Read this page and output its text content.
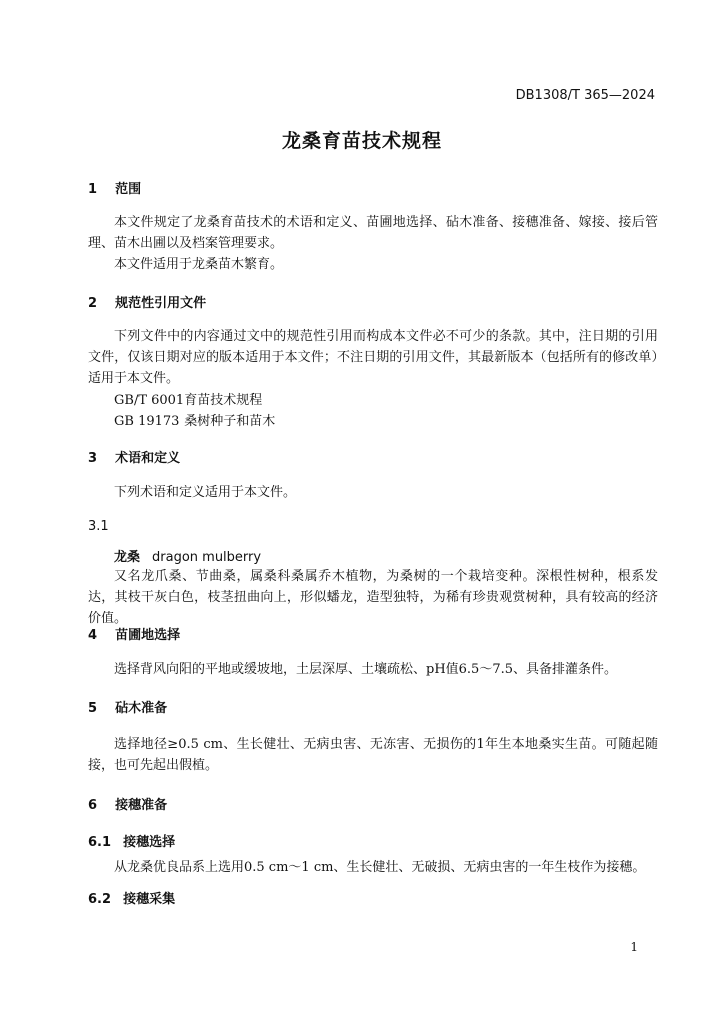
DB1308/T 365—2024
龙桑育苗技术规程
1 范围
本文件规定了龙桑育苗技术的术语和定义、苗圃地选择、砧木准备、接穗准备、嫁接、接后管理、苗木出圃以及档案管理要求。
本文件适用于龙桑苗木繁育。
2 规范性引用文件
下列文件中的内容通过文中的规范性引用而构成本文件必不可少的条款。其中，注日期的引用文件，仅该日期对应的版本适用于本文件；不注日期的引用文件，其最新版本（包括所有的修改单）适用于本文件。
GB/T 6001  育苗技术规程
GB 19173 桑树种子和苗木
3 术语和定义
下列术语和定义适用于本文件。
3.1
龙桑 dragon mulberry
又名龙爪桑、节曲桑，属桑科桑属乔木植物，为桑树的一个栽培变种。深根性树种，根系发达，其枝干灰白色，枝茎扭曲向上，形似蟠龙，造型独特，为稀有珍贵观赏树种，具有较高的经济价值。
4 苗圃地选择
选择背风向阳的平地或缓坡地，土层深厚、土壤疏松、pH值6.5～7.5、具备排灌条件。
5 砧木准备
选择地径≥0.5 cm、生长健壮、无病虫害、无冻害、无损伤的1年生本地桑实生苗。可随起随接，也可先起出假植。
6 接穗准备
6.1 接穗选择
从龙桑优良品系上选用0.5 cm～1 cm、生长健壮、无破损、无病虫害的一年生枝作为接穗。
6.2 接穗采集
1
